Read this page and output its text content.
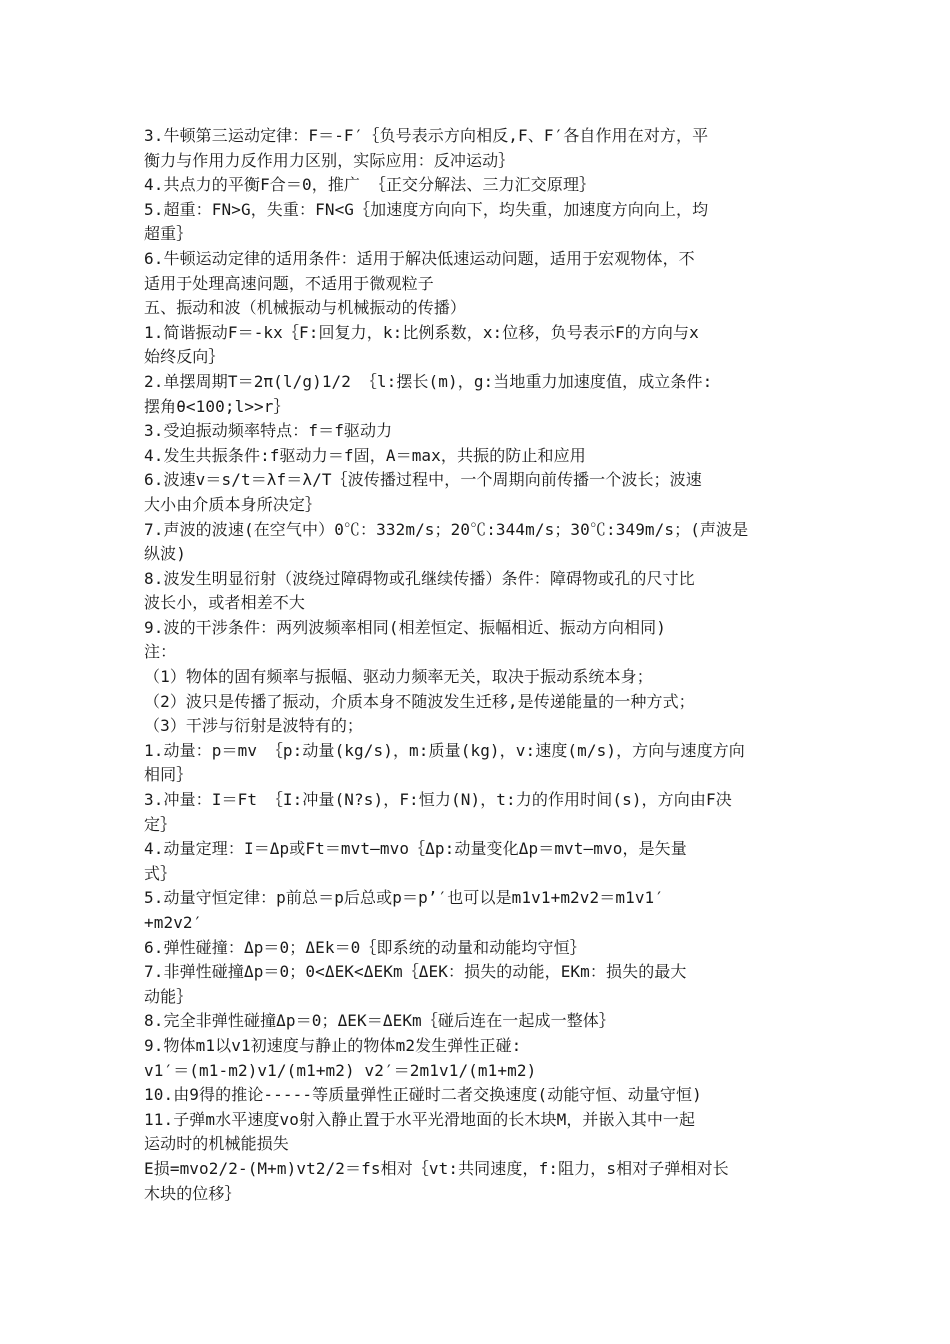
3.牛顿第三运动定律：F＝-F′｛负号表示方向相反,F、F′各自作用在对方，平

衡力与作用力反作用力区别，实际应用：反冲运动｝

4.共点力的平衡F合＝0，推广 ｛正交分解法、三力汇交原理｝

5.超重：FN>G，失重：FN<G｛加速度方向向下，均失重，加速度方向向上，均

超重｝

6.牛顿运动定律的适用条件：适用于解决低速运动问题，适用于宏观物体，不

适用于处理高速问题，不适用于微观粒子

五、振动和波（机械振动与机械振动的传播）

1.简谐振动F＝-kx｛F:回复力，k:比例系数，x:位移，负号表示F的方向与x

始终反向｝

2.单摆周期T＝2π(l/g)1/2 ｛l:摆长(m)，g:当地重力加速度值，成立条件:

摆角θ<100;l>>r｝

3.受迫振动频率特点：f＝f驱动力

4.发生共振条件:f驱动力＝f固，A＝max，共振的防止和应用

6.波速v＝s/t＝λf＝λ/T｛波传播过程中，一个周期向前传播一个波长；波速

大小由介质本身所决定｝

7.声波的波速(在空气中）0℃：332m/s；20℃:344m/s；30℃:349m/s；(声波是

纵波)

8.波发生明显衍射（波绕过障碍物或孔继续传播）条件：障碍物或孔的尺寸比

波长小，或者相差不大

9.波的干涉条件：两列波频率相同(相差恒定、振幅相近、振动方向相同)

注：

（1）物体的固有频率与振幅、驱动力频率无关，取决于振动系统本身；

（2）波只是传播了振动，介质本身不随波发生迁移,是传递能量的一种方式；

（3）干涉与衍射是波特有的；

1.动量：p＝mv ｛p:动量(kg/s)，m:质量(kg)，v:速度(m/s)，方向与速度方向

相同｝

3.冲量：I＝Ft ｛I:冲量(N?s)，F:恒力(N)，t:力的作用时间(s)，方向由F决

定｝

4.动量定理：I＝Δp或Ft＝mvt–mvo｛Δp:动量变化Δp＝mvt–mvo，是矢量

式｝

5.动量守恒定律：p前总＝p后总或p＝p’′也可以是m1v1+m2v2＝m1v1′

+m2v2′

6.弹性碰撞：Δp＝0；ΔEk＝0｛即系统的动量和动能均守恒｝

7.非弹性碰撞Δp＝0；0<ΔEK<ΔEKm｛ΔEK：损失的动能，EKm：损失的最大

动能｝

8.完全非弹性碰撞Δp＝0；ΔEK＝ΔEKm｛碰后连在一起成一整体｝

9.物体m1以v1初速度与静止的物体m2发生弹性正碰:

v1′＝(m1-m2)v1/(m1+m2) v2′＝2m1v1/(m1+m2)

10.由9得的推论-----等质量弹性正碰时二者交换速度(动能守恒、动量守恒)

11.子弹m水平速度vo射入静止置于水平光滑地面的长木块M，并嵌入其中一起

运动时的机械能损失

E损=mvo2/2-(M+m)vt2/2＝fs相对｛vt:共同速度，f:阻力，s相对子弹相对长

木块的位移｝
